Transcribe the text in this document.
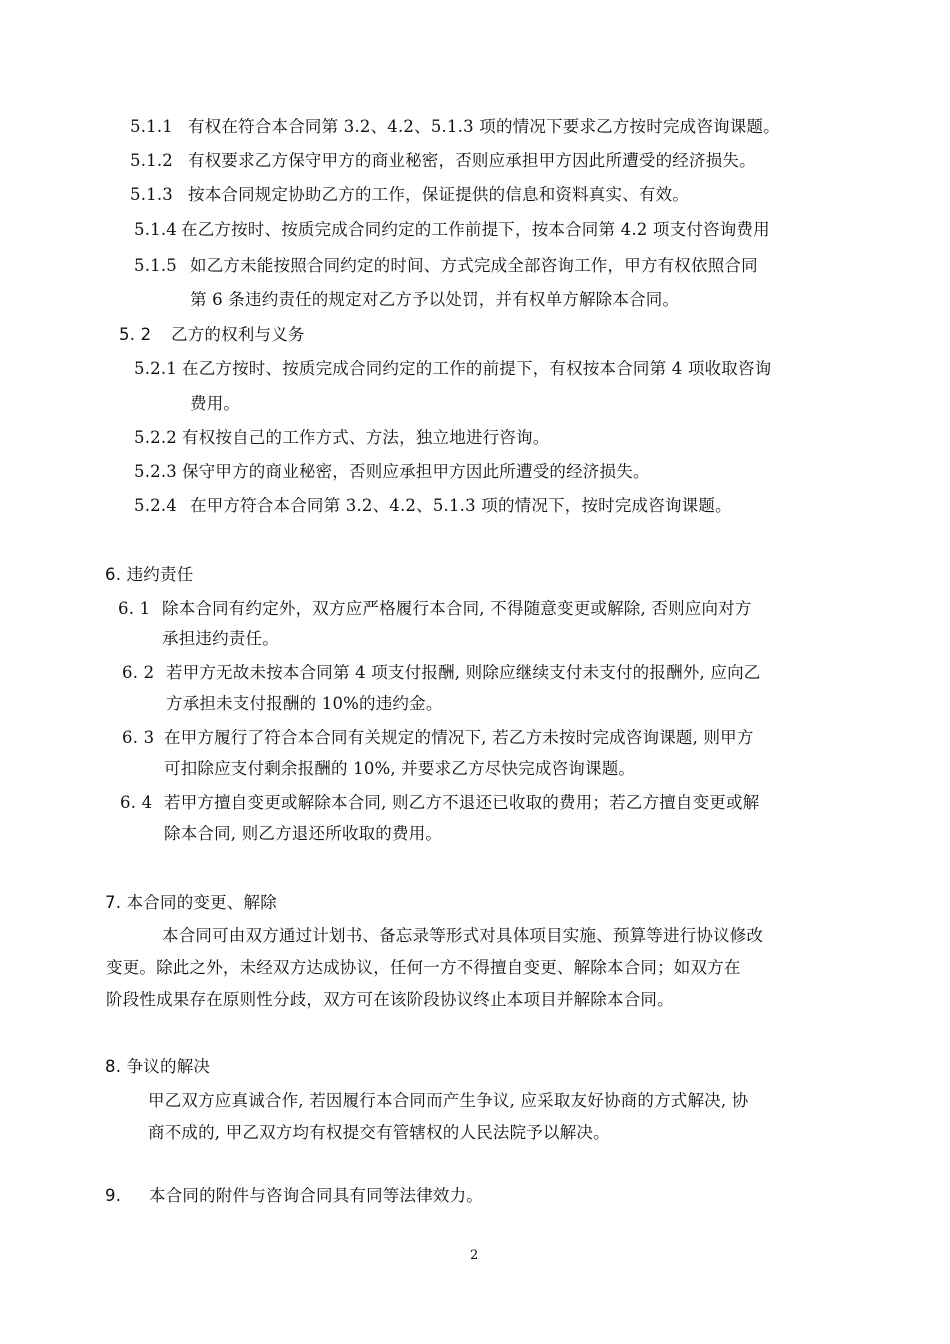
5.1.1 有权在符合本合同第 3.2、4.2、5.1.3 项的情况下要求乙方按时完成咨询课题。
5.1.2 有权要求乙方保守甲方的商业秘密，否则应承担甲方因此所遭受的经济损失。
5.1.3 按本合同规定协助乙方的工作，保证提供的信息和资料真实、有效。
5.1.4 在乙方按时、按质完成合同约定的工作前提下，按本合同第 4.2 项支付咨询费用
5.1.5 如乙方未能按照合同约定的时间、方式完成全部咨询工作，甲方有权依照合同
第 6 条违约责任的规定对乙方予以处罚，并有权单方解除本合同。
5. 2 乙方的权利与义务
5.2.1 在乙方按时、按质完成合同约定的工作的前提下，有权按本合同第 4 项收取咨询
费用。
5.2.2 有权按自己的工作方式、方法，独立地进行咨询。
5.2.3 保守甲方的商业秘密，否则应承担甲方因此所遭受的经济损失。
5.2.4 在甲方符合本合同第 3.2、4.2、5.1.3 项的情况下，按时完成咨询课题。
6. 违约责任
6. 1 除本合同有约定外，双方应严格履行本合同, 不得随意变更或解除, 否则应向对方
承担违约责任。
6. 2 若甲方无故未按本合同第 4 项支付报酬, 则除应继续支付未支付的报酬外, 应向乙
方承担未支付报酬的 10%的违约金。
6. 3 在甲方履行了符合本合同有关规定的情况下, 若乙方未按时完成咨询课题, 则甲方
可扣除应支付剩余报酬的 10%, 并要求乙方尽快完成咨询课题。
6. 4 若甲方擅自变更或解除本合同, 则乙方不退还已收取的费用；若乙方擅自变更或解
除本合同, 则乙方退还所收取的费用。
7. 本合同的变更、解除
本合同可由双方通过计划书、备忘录等形式对具体项目实施、预算等进行协议修改
变更。除此之外，未经双方达成协议，任何一方不得擅自变更、解除本合同；如双方在
阶段性成果存在原则性分歧，双方可在该阶段协议终止本项目并解除本合同。
8. 争议的解决
甲乙双方应真诚合作, 若因履行本合同而产生争议, 应采取友好协商的方式解决, 协
商不成的, 甲乙双方均有权提交有管辖权的人民法院予以解决。
9. 本合同的附件与咨询合同具有同等法律效力。
2
